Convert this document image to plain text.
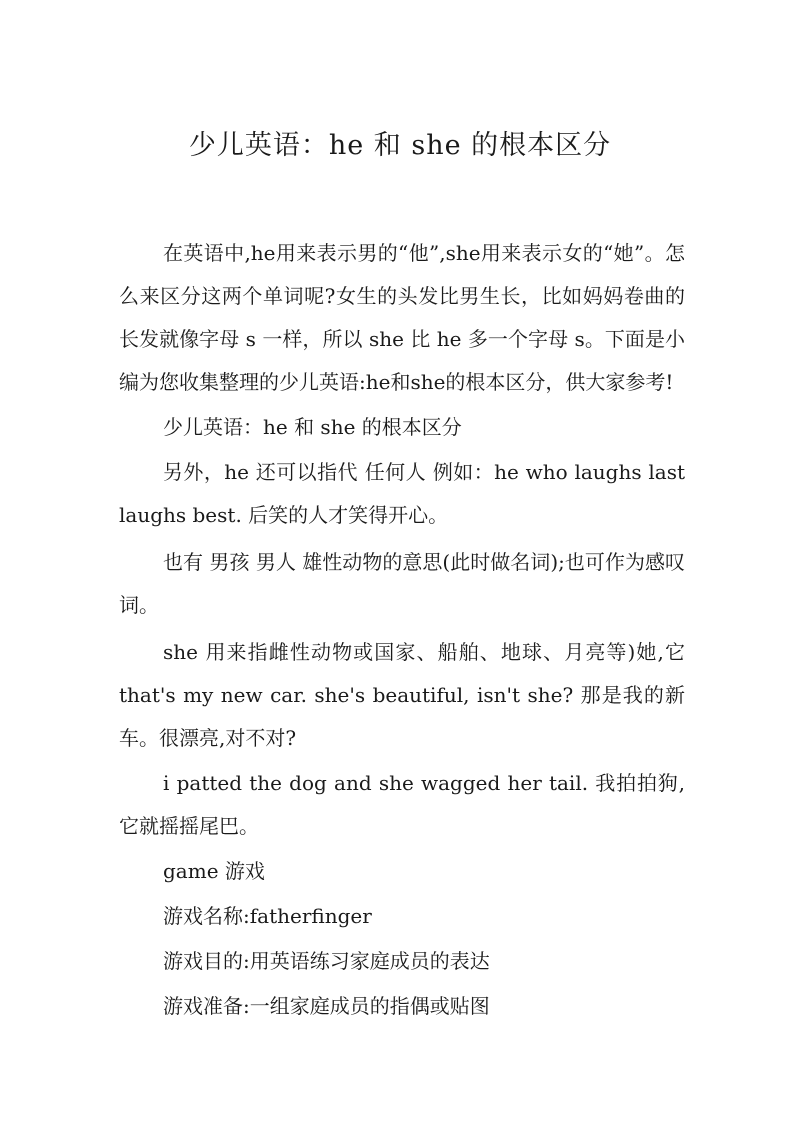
少儿英语：he 和 she 的根本区分

在英语中,he用来表示男的“他”,she用来表示女的“她”。怎么来区分这两个单词呢?女生的头发比男生长，比如妈妈卷曲的长发就像字母 s 一样，所以 she 比 he 多一个字母 s。下面是小编为您收集整理的少儿英语:he和she的根本区分，供大家参考!

少儿英语：he 和 she 的根本区分

另外，he 还可以指代 任何人 例如：he who laughs last laughs best. 后笑的人才笑得开心。

也有 男孩 男人 雄性动物的意思(此时做名词);也可作为感叹词。

she 用来指雌性动物或国家、船舶、地球、月亮等)她,它 that's my new car. she's beautiful, isn't she? 那是我的新车。很漂亮,对不对?

i patted the dog and she wagged her tail. 我拍拍狗,它就摇摇尾巴。

game 游戏

游戏名称:fatherfinger

游戏目的:用英语练习家庭成员的表达

游戏准备:一组家庭成员的指偶或贴图
